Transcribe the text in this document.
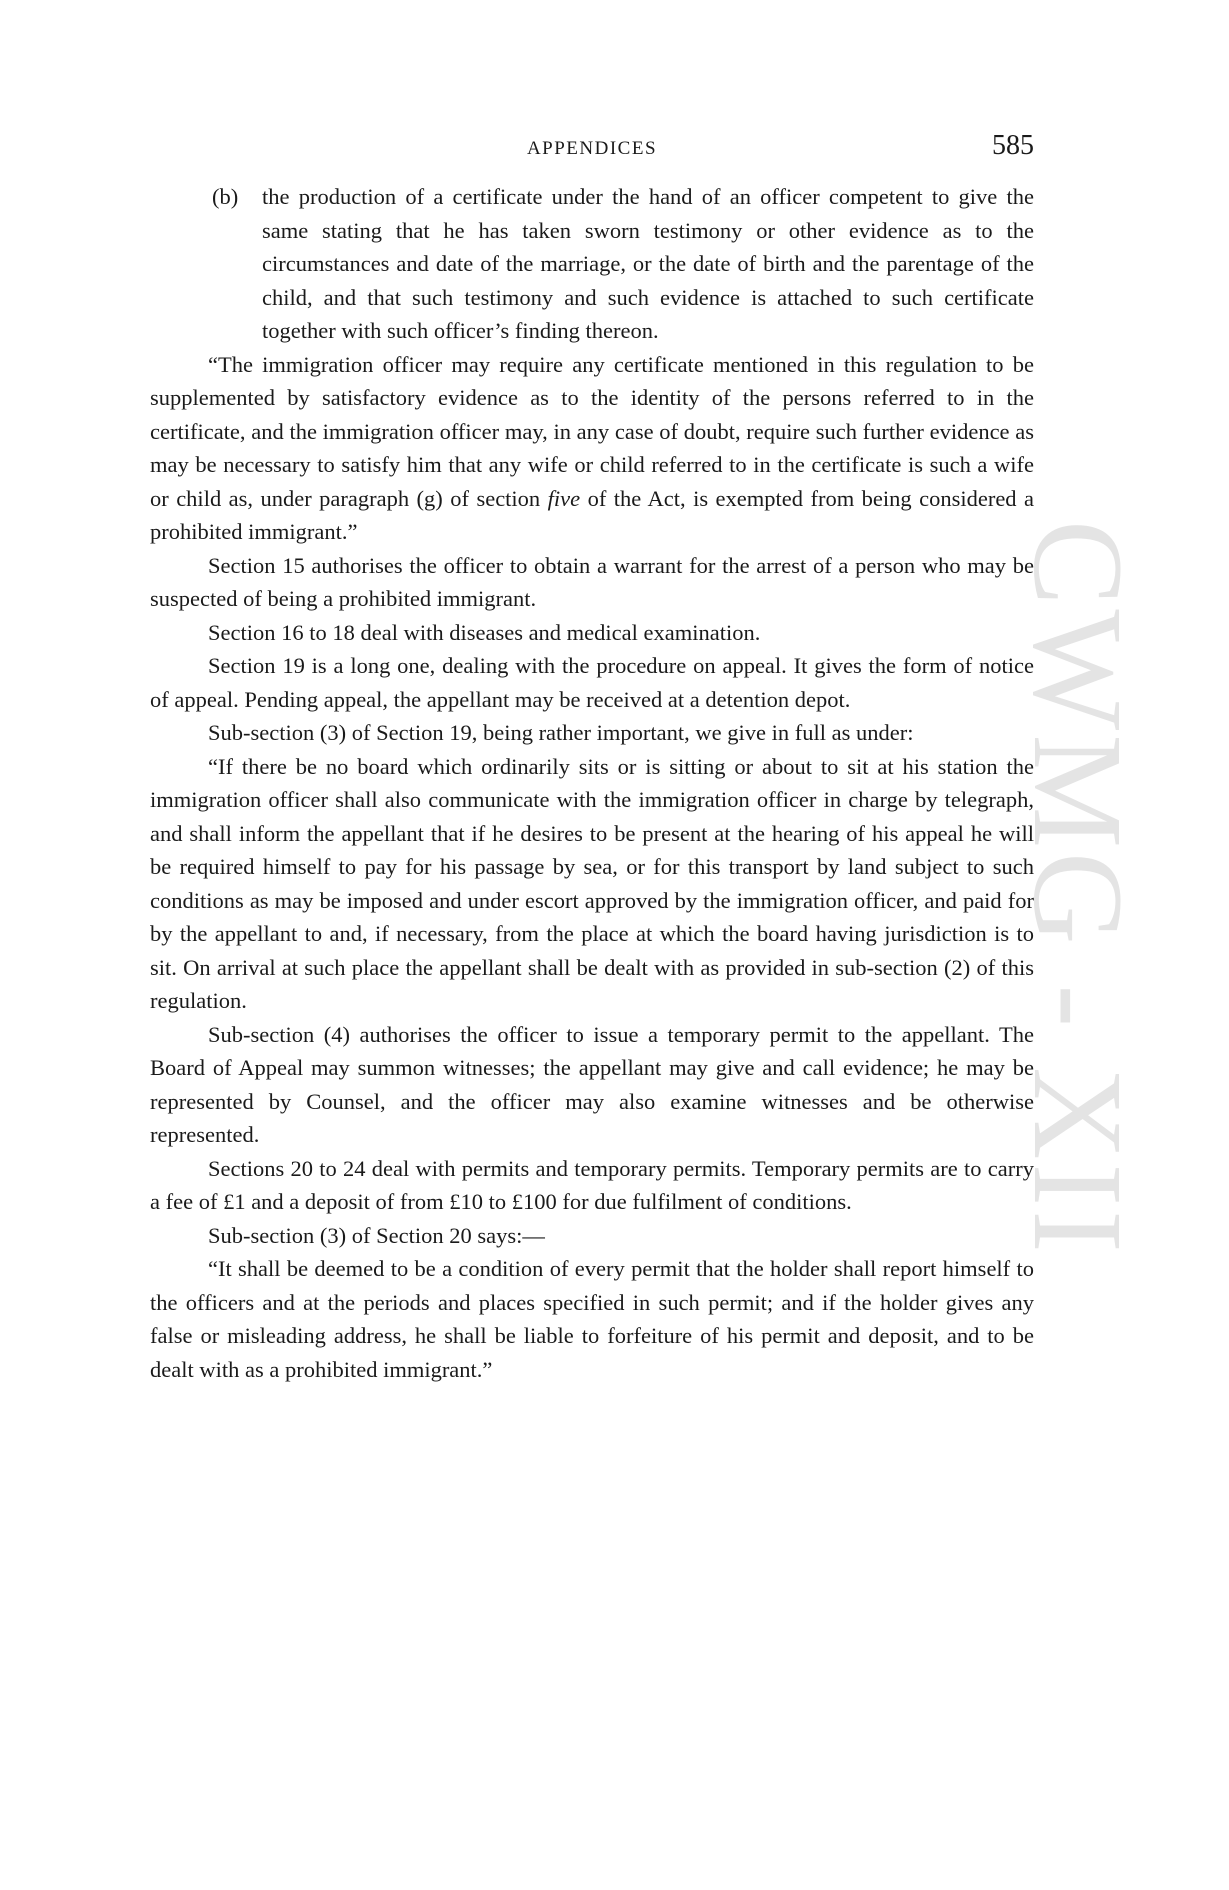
CWMG - XII
APPENDICES	585
(b)	the production of a certificate under the hand of an officer competent to give the same stating that he has taken sworn testimony or other evidence as to the circumstances and date of the marriage, or the date of birth and the parentage of the child, and that such testimony and such evidence is attached to such certificate together with such officer’s finding thereon.

“The immigration officer may require any certificate mentioned in this regulation to be supplemented by satisfactory evidence as to the identity of the persons referred to in the certificate, and the immigration officer may, in any case of doubt, require such further evidence as may be necessary to satisfy him that any wife or child referred to in the certificate is such a wife or child as, under paragraph (g) of section five of the Act, is exempted from being considered a prohibited immigrant.”

Section 15 authorises the officer to obtain a warrant for the arrest of a person who may be suspected of being a prohibited immigrant.

Section 16 to 18 deal with diseases and medical examination.

Section 19 is a long one, dealing with the procedure on appeal. It gives the form of notice of appeal. Pending appeal, the appellant may be received at a detention depot.

Sub-section (3) of Section 19, being rather important, we give in full as under:

“If there be no board which ordinarily sits or is sitting or about to sit at his station the immigration officer shall also communicate with the immigration officer in charge by telegraph, and shall inform the appellant that if he desires to be present at the hearing of his appeal he will be required himself to pay for his passage by sea, or for this transport by land subject to such conditions as may be imposed and under escort approved by the immigration officer, and paid for by the appellant to and, if necessary, from the place at which the board having jurisdiction is to sit. On arrival at such place the appellant shall be dealt with as provided in sub-section (2) of this regulation.

Sub-section (4) authorises the officer to issue a temporary permit to the appellant. The Board of Appeal may summon witnesses; the appellant may give and call evidence; he may be represented by Counsel, and the officer may also examine witnesses and be otherwise represented.

Sections 20 to 24 deal with permits and temporary permits. Temporary permits are to carry a fee of £1 and a deposit of from £10 to £100 for due fulfilment of conditions.

Sub-section (3) of Section 20 says:—

“It shall be deemed to be a condition of every permit that the holder shall report himself to the officers and at the periods and places specified in such permit; and if the holder gives any false or misleading address, he shall be liable to forfeiture of his permit and deposit, and to be dealt with as a prohibited immigrant.”
